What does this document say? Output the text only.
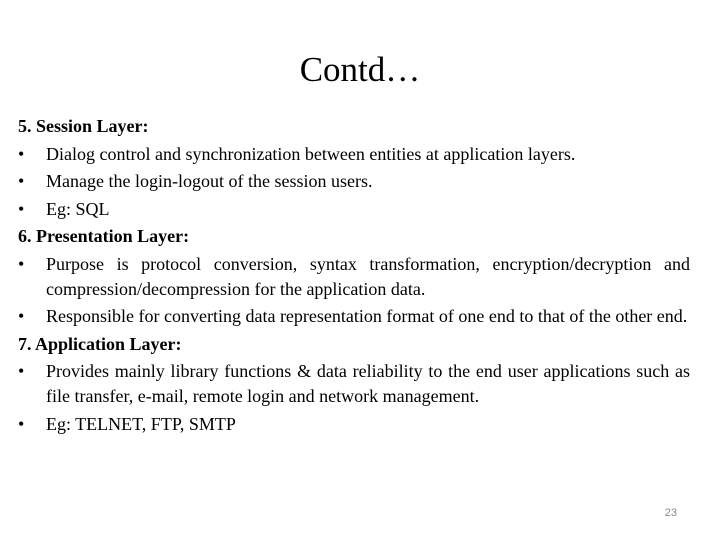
Contd…
5. Session Layer:
•	Dialog control and synchronization between entities at application layers.
•	Manage the login-logout of the session users.
•	Eg: SQL
6. Presentation Layer:
•	Purpose is protocol conversion, syntax transformation, encryption/decryption and compression/decompression for the application data.
•	Responsible for converting data representation format of one end to that of the other end.
7. Application Layer:
•	Provides mainly library functions & data reliability to the end user applications such as file transfer, e-mail, remote login and network management.
•	Eg: TELNET, FTP, SMTP
23
